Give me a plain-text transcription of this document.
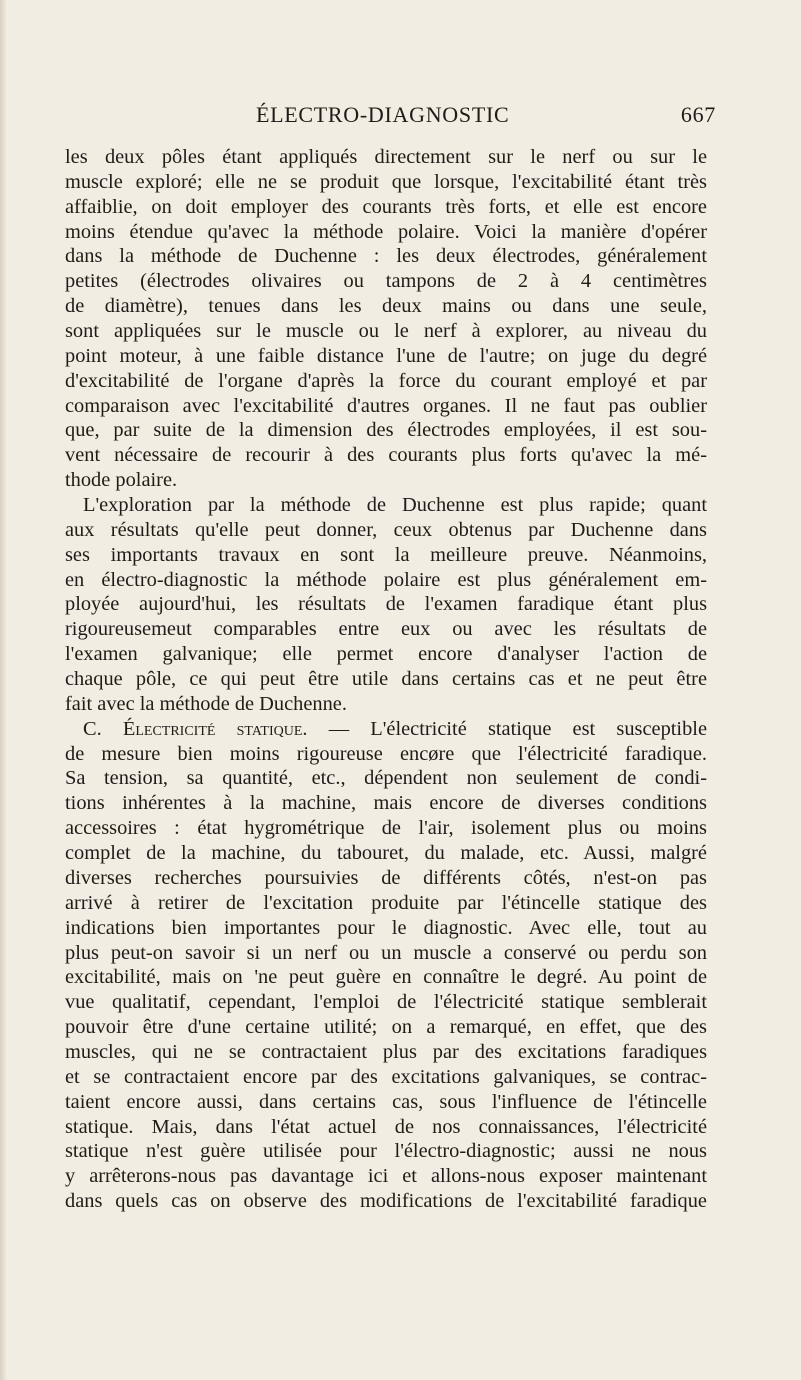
ÉLECTRO-DIAGNOSTIC	667
les deux pôles étant appliqués directement sur le nerf ou sur le
muscle exploré; elle ne se produit que lorsque, l'excitabilité étant très
affaiblie, on doit employer des courants très forts, et elle est encore
moins étendue qu'avec la méthode polaire. Voici la manière d'opérer
dans la méthode de Duchenne : les deux électrodes, généralement
petites (électrodes olivaires ou tampons de 2 à 4 centimètres
de diamètre), tenues dans les deux mains ou dans une seule,
sont appliquées sur le muscle ou le nerf à explorer, au niveau du
point moteur, à une faible distance l'une de l'autre; on juge du degré
d'excitabilité de l'organe d'après la force du courant employé et par
comparaison avec l'excitabilité d'autres organes. Il ne faut pas oublier
que, par suite de la dimension des électrodes employées, il est sou-
vent nécessaire de recourir à des courants plus forts qu'avec la mé-
thode polaire.
L'exploration par la méthode de Duchenne est plus rapide; quant
aux résultats qu'elle peut donner, ceux obtenus par Duchenne dans
ses importants travaux en sont la meilleure preuve. Néanmoins,
en électro-diagnostic la méthode polaire est plus généralement em-
ployée aujourd'hui, les résultats de l'examen faradique étant plus
rigoureusemeut comparables entre eux ou avec les résultats de
l'examen galvanique; elle permet encore d'analyser l'action de
chaque pôle, ce qui peut être utile dans certains cas et ne peut être
fait avec la méthode de Duchenne.
C. Électricité statique. — L'électricité statique est susceptible
de mesure bien moins rigoureuse encøre que l'électricité faradique.
Sa tension, sa quantité, etc., dépendent non seulement de condi-
tions inhérentes à la machine, mais encore de diverses conditions
accessoires : état hygrométrique de l'air, isolement plus ou moins
complet de la machine, du tabouret, du malade, etc. Aussi, malgré
diverses recherches poursuivies de différents côtés, n'est-on pas
arrivé à retirer de l'excitation produite par l'étincelle statique des
indications bien importantes pour le diagnostic. Avec elle, tout au
plus peut-on savoir si un nerf ou un muscle a conservé ou perdu son
excitabilité, mais on 'ne peut guère en connaître le degré. Au point de
vue qualitatif, cependant, l'emploi de l'électricité statique semblerait
pouvoir être d'une certaine utilité; on a remarqué, en effet, que des
muscles, qui ne se contractaient plus par des excitations faradiques
et se contractaient encore par des excitations galvaniques, se contrac-
taient encore aussi, dans certains cas, sous l'influence de l'étincelle
statique. Mais, dans l'état actuel de nos connaissances, l'électricité
statique n'est guère utilisée pour l'électro-diagnostic; aussi ne nous
y arrêterons-nous pas davantage ici et allons-nous exposer maintenant
dans quels cas on observe des modifications de l'excitabilité faradique
